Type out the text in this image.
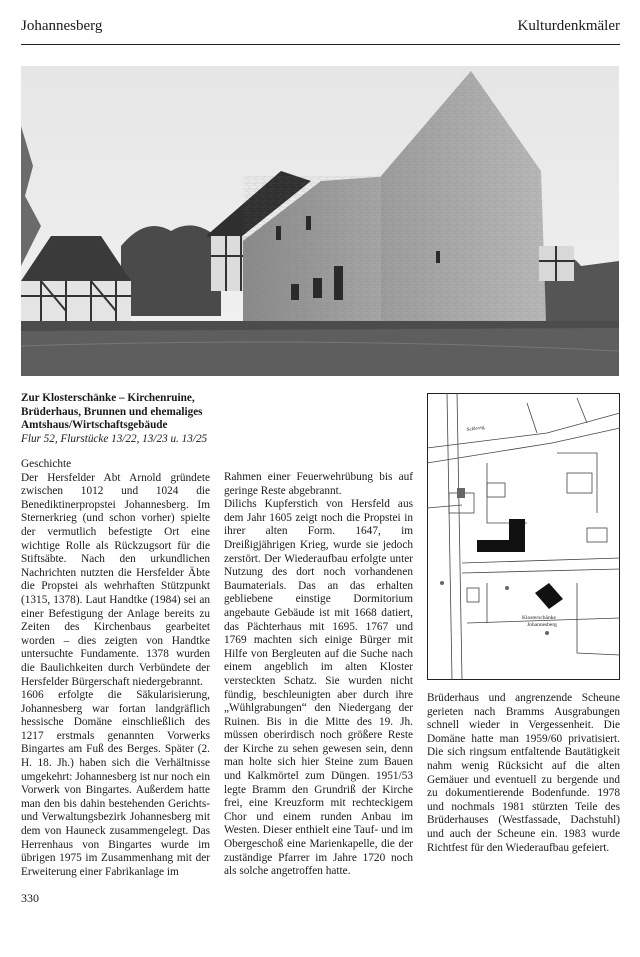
Johannesberg	Kulturdenkmäler

Zur Klosterschänke – Kirchenruine, Brüderhaus, Brunnen und ehemaliges Amtshaus/Wirtschaftsgebäude

Flur 52, Flurstücke 13/22, 13/23 u. 13/25

Klosterschänke
Johannesberg
Schlossg.

Geschichte

Der Hersfelder Abt Arnold gründete zwischen 1012 und 1024 die Benediktinerpropstei Johannesberg. Im Sternerkrieg (und schon vorher) spielte der vermutlich befestigte Ort eine wichtige Rolle als Rückzugsort für die Stiftsäbte. Nach den urkundlichen Nachrichten nutzten die Hersfelder Äbte die Propstei als wehrhaften Stützpunkt (1315, 1378). Laut Handtke (1984) sei an einer Befestigung der Anlage bereits zu Zeiten des Kirchenbaus gearbeitet worden – dies zeigten von Handtke untersuchte Fundamente. 1378 wurden die Baulichkeiten durch Verbündete der Hersfelder Bürgerschaft niedergebrannt.

1606 erfolgte die Säkularisierung, Johannesberg war fortan landgräflich hessische Domäne einschließlich des 1217 erstmals genannten Vorwerks Bingartes am Fuß des Berges. Später (2. H. 18. Jh.) haben sich die Verhältnisse umgekehrt: Johannesberg ist nur noch ein Vorwerk von Bingartes. Außerdem hatte man den bis dahin bestehenden Gerichts- und Verwaltungsbezirk Johannesberg mit dem von Hauneck zusammengelegt. Das Herrenhaus von Bingartes wurde im übrigen 1975 im Zusammenhang mit der Erweiterung einer Fabrikanlage im

Rahmen einer Feuerwehrübung bis auf geringe Reste abgebrannt.

Dilichs Kupferstich von Hersfeld aus dem Jahr 1605 zeigt noch die Propstei in ihrer alten Form. 1647, im Dreißigjährigen Krieg, wurde sie jedoch zerstört. Der Wiederaufbau erfolgte unter Nutzung des dort noch vorhandenen Baumaterials. Das an das erhalten gebliebene einstige Dormitorium angebaute Gebäude ist mit 1668 datiert, das Pächterhaus mit 1695. 1767 und 1769 machten sich einige Bürger mit Hilfe von Bergleuten auf die Suche nach einem angeblich im alten Kloster versteckten Schatz. Sie wurden nicht fündig, beschleunigten aber durch ihre „Wühlgrabungen“ den Niedergang der Ruinen. Bis in die Mitte des 19. Jh. müssen oberirdisch noch größere Reste der Kirche zu sehen gewesen sein, denn man holte sich hier Steine zum Bauen und Kalkmörtel zum Düngen. 1951/53 legte Bramm den Grundriß der Kirche frei, eine Kreuzform mit rechteckigem Chor und einem runden Anbau im Westen. Dieser enthielt eine Tauf- und im Obergeschoß eine Marienkapelle, die der zuständige Pfarrer im Jahre 1720 noch als solche angetroffen hatte.

Brüderhaus und angrenzende Scheune gerieten nach Bramms Ausgrabungen schnell wieder in Vergessenheit. Die Domäne hatte man 1959/60 privatisiert. Die sich ringsum entfaltende Bautätigkeit nahm wenig Rücksicht auf die alten Gemäuer und eventuell zu bergende und zu dokumentierende Bodenfunde. 1978 und nochmals 1981 stürzten Teile des Brüderhauses (Westfassade, Dachstuhl) und auch der Scheune ein. 1983 wurde Richtfest für den Wiederaufbau gefeiert.

330
